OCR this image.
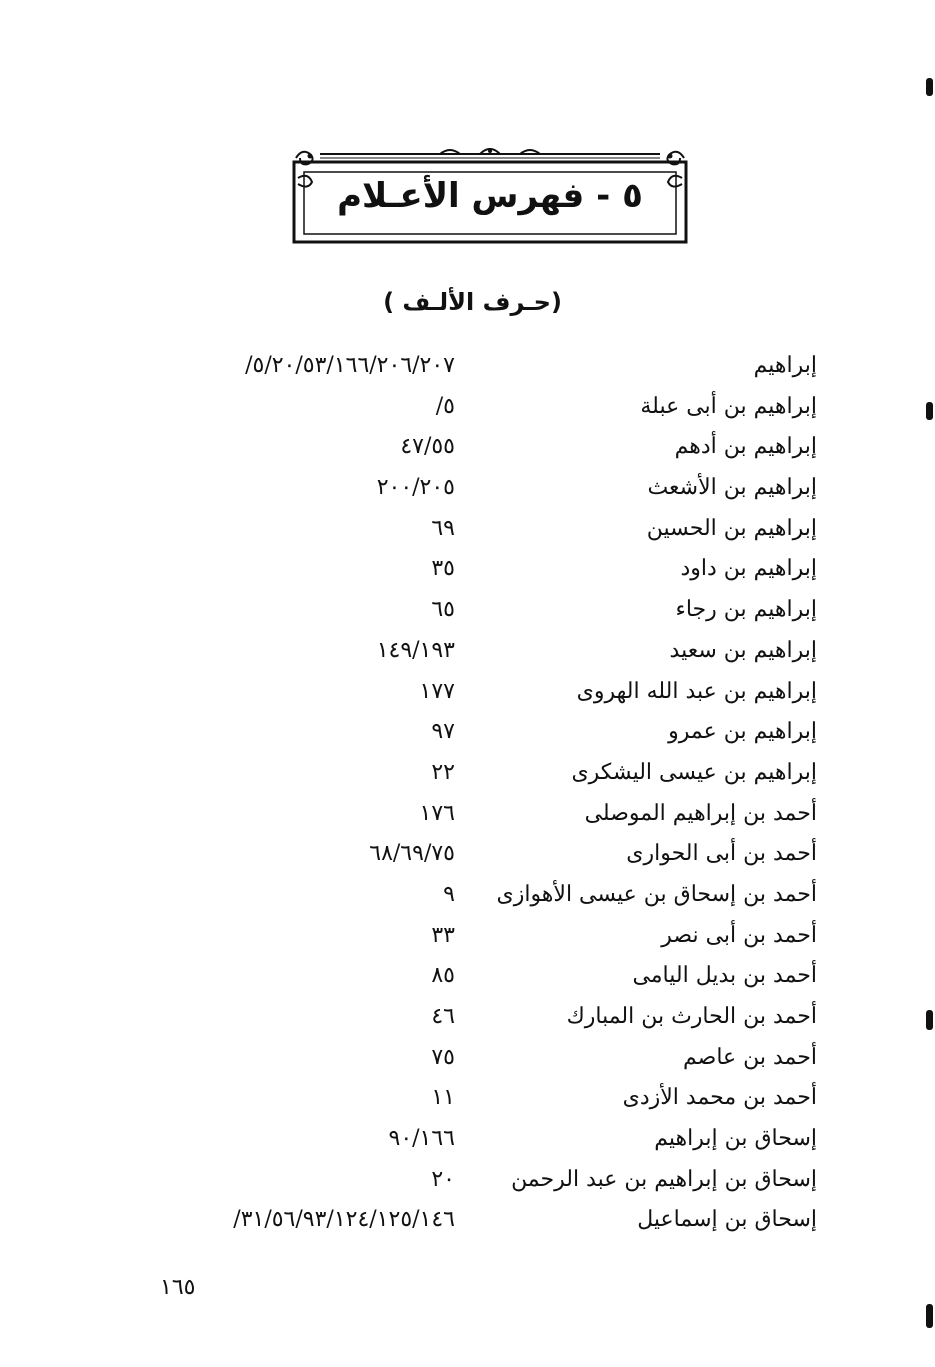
٥ - فهرس الأعـلام
(حـرف الألـف )
إبراهيم
٥/٢٠/٥٣/١٦٦/٢٠٦/٢٠٧/
إبراهيم بن أبى عبلة
٥/
إبراهيم بن أدهم
٤٧/٥٥
إبراهيم بن الأشعث
٢٠٠/٢٠٥
إبراهيم بن الحسين
٦٩
إبراهيم بن داود
٣٥
إبراهيم بن رجاء
٦٥
إبراهيم بن سعيد
١٤٩/١٩٣
إبراهيم بن عبد الله الهروى
١٧٧
إبراهيم بن عمرو
٩٧
إبراهيم بن عيسى اليشكرى
٢٢
أحمد بن إبراهيم الموصلى
١٧٦
أحمد بن أبى الحوارى
٦٨/٦٩/٧٥
أحمد بن إسحاق بن عيسى الأهوازى
٩
أحمد بن أبى نصر
٣٣
أحمد بن بديل اليامى
٨٥
أحمد بن الحارث بن المبارك
٤٦
أحمد بن عاصم
٧٥
أحمد بن محمد الأزدى
١١
إسحاق بن إبراهيم
٩٠/١٦٦
إسحاق بن إبراهيم بن عبد الرحمن
٢٠
إسحاق بن إسماعيل
٣١/٥٦/٩٣/١٢٤/١٢٥/١٤٦/
١٦٥
